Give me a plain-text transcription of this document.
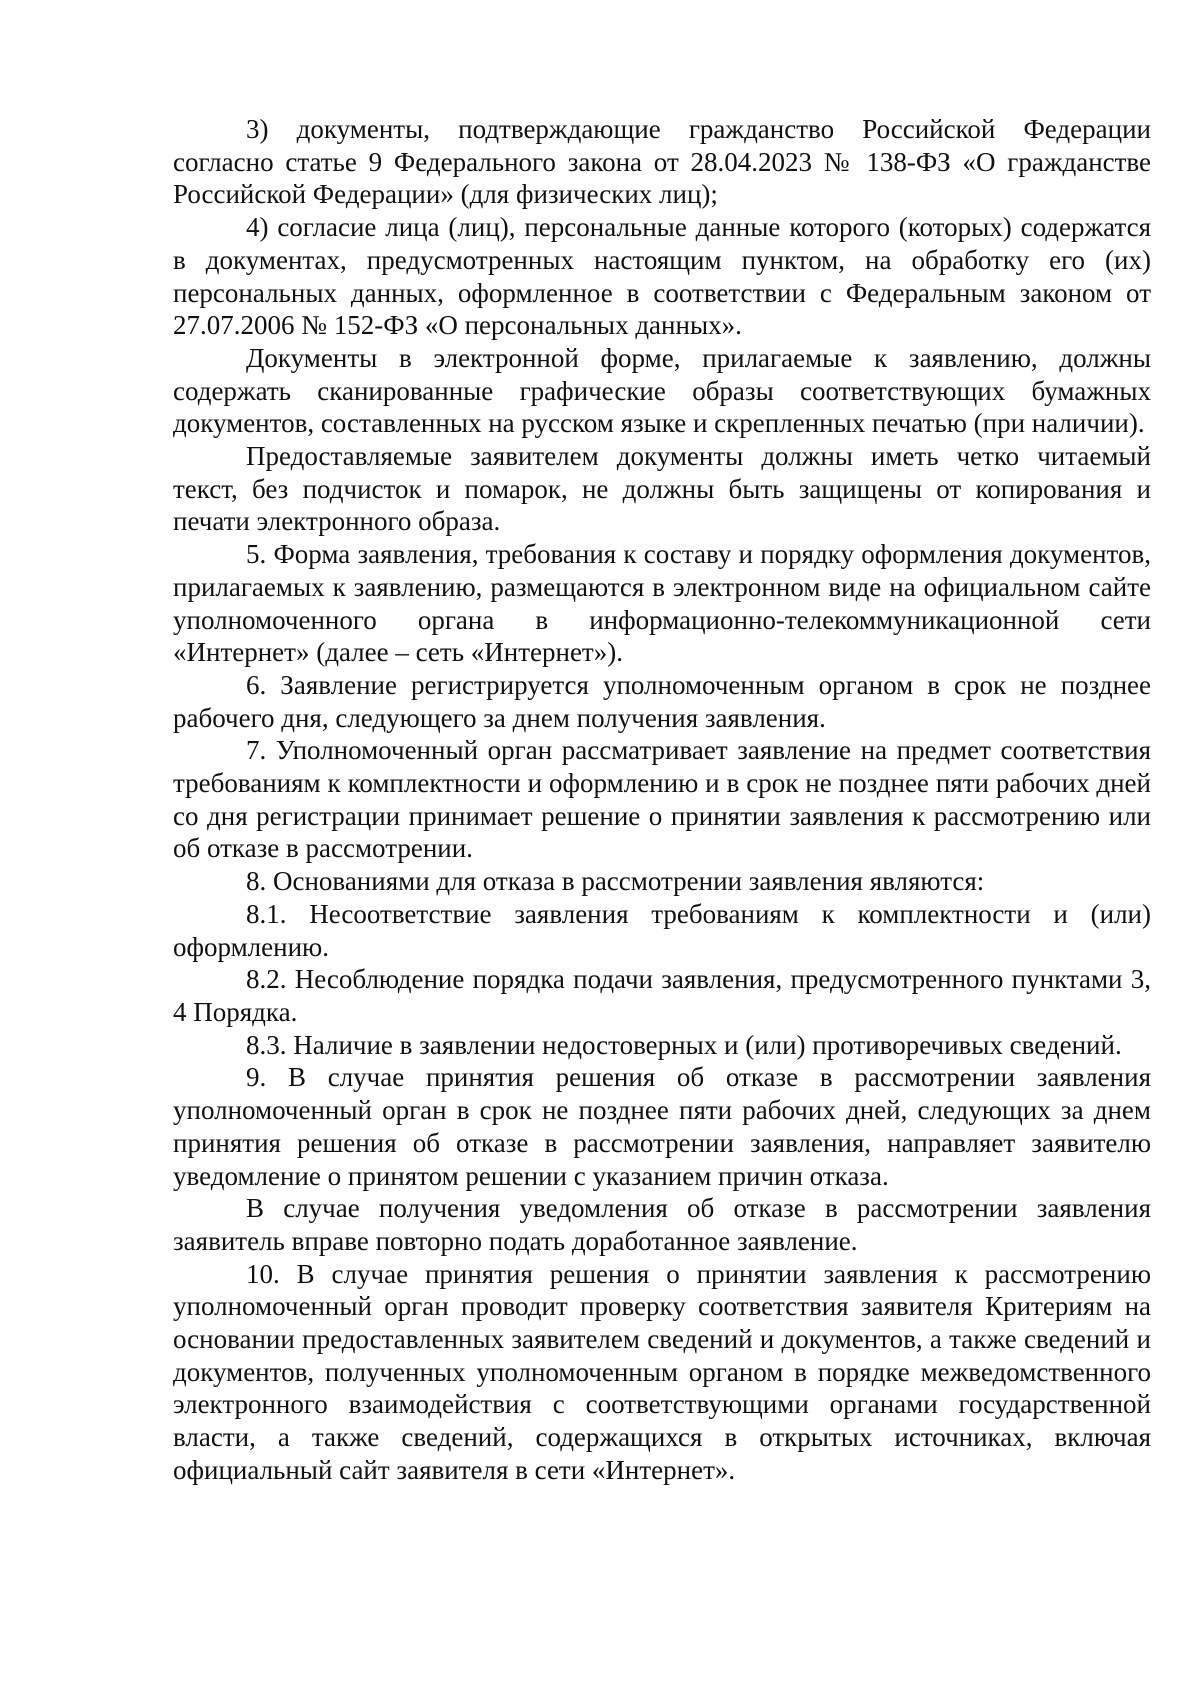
3) документы, подтверждающие гражданство Российской Федерации согласно статье 9 Федерального закона от 28.04.2023 № 138-ФЗ «О гражданстве Российской Федерации» (для физических лиц);

4) согласие лица (лиц), персональные данные которого (которых) содержатся в документах, предусмотренных настоящим пунктом, на обработку его (их) персональных данных, оформленное в соответствии с Федеральным законом от 27.07.2006 № 152-ФЗ «О персональных данных».

Документы в электронной форме, прилагаемые к заявлению, должны содержать сканированные графические образы соответствующих бумажных документов, составленных на русском языке и скрепленных печатью (при наличии).

Предоставляемые заявителем документы должны иметь четко читаемый текст, без подчисток и помарок, не должны быть защищены от копирования и печати электронного образа.

5. Форма заявления, требования к составу и порядку оформления документов, прилагаемых к заявлению, размещаются в электронном виде на официальном сайте уполномоченного органа в информационно-телекоммуникационной сети «Интернет» (далее – сеть «Интернет»).

6. Заявление регистрируется уполномоченным органом в срок не позднее рабочего дня, следующего за днем получения заявления.

7. Уполномоченный орган рассматривает заявление на предмет соответствия требованиям к комплектности и оформлению и в срок не позднее пяти рабочих дней со дня регистрации принимает решение о принятии заявления к рассмотрению или об отказе в рассмотрении.

8. Основаниями для отказа в рассмотрении заявления являются:

8.1. Несоответствие заявления требованиям к комплектности и (или) оформлению.

8.2. Несоблюдение порядка подачи заявления, предусмотренного пунктами 3, 4 Порядка.

8.3. Наличие в заявлении недостоверных и (или) противоречивых сведений.

9. В случае принятия решения об отказе в рассмотрении заявления уполномоченный орган в срок не позднее пяти рабочих дней, следующих за днем принятия решения об отказе в рассмотрении заявления, направляет заявителю уведомление о принятом решении с указанием причин отказа.

В случае получения уведомления об отказе в рассмотрении заявления заявитель вправе повторно подать доработанное заявление.

10. В случае принятия решения о принятии заявления к рассмотрению уполномоченный орган проводит проверку соответствия заявителя Критериям на основании предоставленных заявителем сведений и документов, а также сведений и документов, полученных уполномоченным органом в порядке межведомственного электронного взаимодействия с соответствующими органами государственной власти, а также сведений, содержащихся в открытых источниках, включая официальный сайт заявителя в сети «Интернет».
